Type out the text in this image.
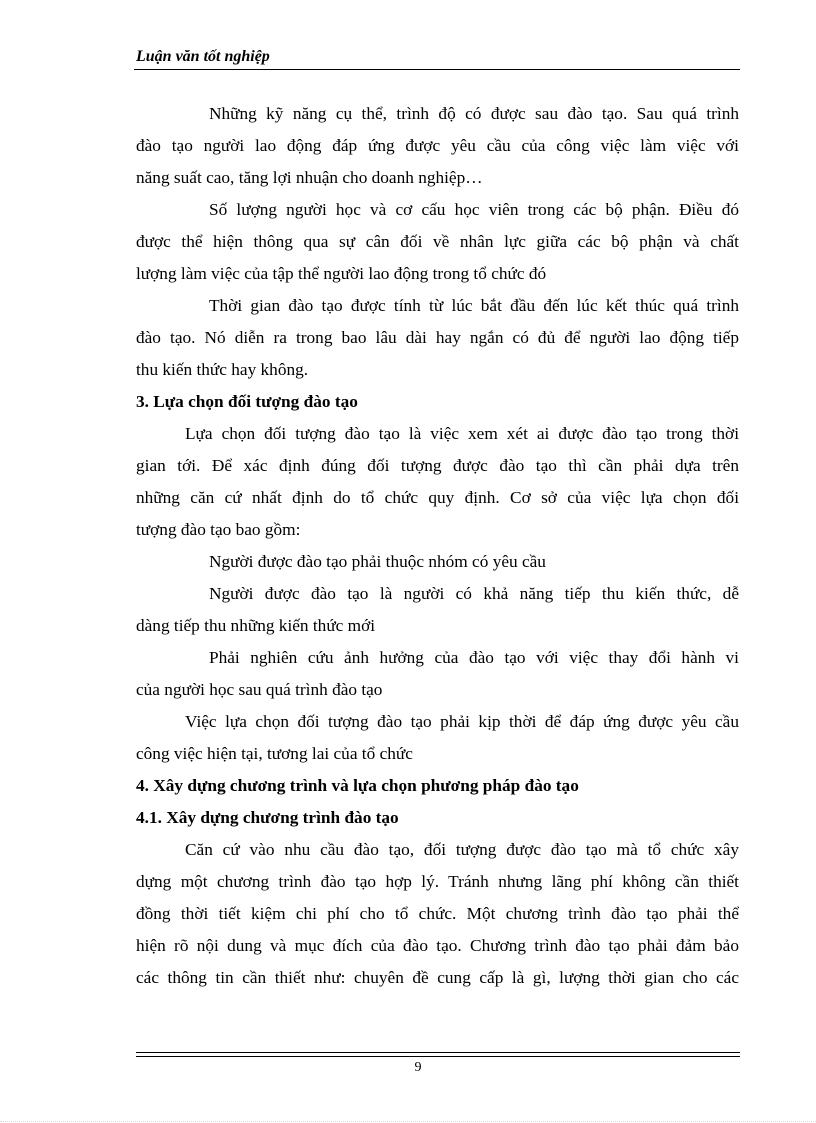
Luận văn tốt nghiệp
Những kỹ năng cụ thể, trình độ có được sau đào tạo. Sau quá trình
đào tạo người lao động đáp ứng được yêu cầu của công việc làm việc với
năng suất cao, tăng lợi nhuận cho doanh nghiệp…
Số lượng người học và cơ cấu học viên trong các bộ phận. Điều đó
được thể hiện thông qua sự cân đối về nhân lực giữa các bộ phận và chất
lượng làm việc của tập thể người lao động trong tổ chức đó
Thời gian đào tạo được tính từ lúc bắt đầu đến lúc kết thúc quá trình
đào tạo. Nó diễn ra trong bao lâu dài hay ngắn có đủ để người lao động tiếp
thu kiến thức hay không.
3. Lựa chọn đối tượng đào tạo
Lựa chọn đối tượng đào tạo là việc xem xét ai được đào tạo trong thời
gian tới. Để xác định đúng đối tượng được đào tạo thì cần phải dựa trên
những căn cứ nhất định do tổ chức quy định. Cơ sở của việc lựa chọn đối
tượng đào tạo bao gồm:
Người được đào tạo phải thuộc nhóm có yêu cầu
Người được đào tạo là người có khả năng tiếp thu kiến thức, dễ
dàng tiếp thu những kiến thức mới
Phải nghiên cứu ảnh hưởng của đào tạo với việc thay đổi hành vi
của người học sau quá trình đào tạo
Việc lựa chọn đối tượng đào tạo phải kịp thời để đáp ứng được yêu cầu
công việc hiện tại, tương lai của tổ chức
4. Xây dựng chương trình và lựa chọn phương pháp đào tạo
4.1. Xây dựng chương trình đào tạo
Căn cứ vào nhu cầu đào tạo, đối tượng được đào tạo mà tổ chức xây
dựng một chương trình đào tạo hợp lý. Tránh nhưng lãng phí không cần thiết
đồng thời tiết kiệm chi phí cho tổ chức. Một chương trình đào tạo phải thể
hiện rõ nội dung và mục đích của đào tạo. Chương trình đào tạo phải đảm bảo
các thông tin cần thiết như: chuyên đề cung cấp là gì, lượng thời gian cho các
9
